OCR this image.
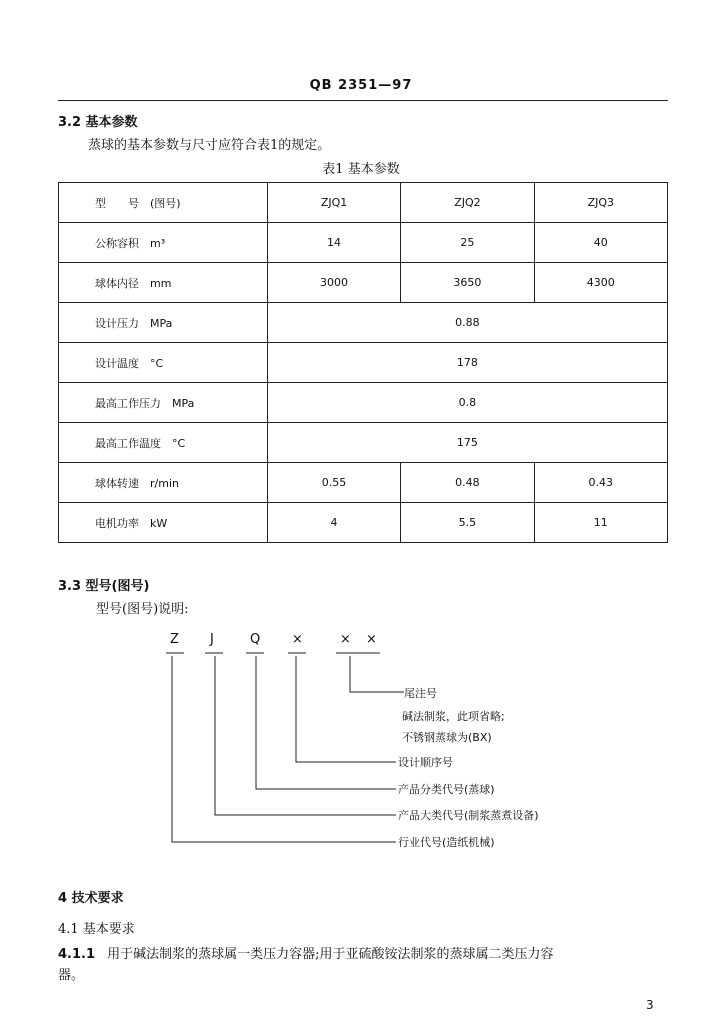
QB 2351—97
3.2 基本参数
蒸球的基本参数与尺寸应符合表1的规定。
表1 基本参数
型　　号　(图号)	ZJQ1	ZJQ2	ZJQ3
公称容积　m³	14	25	40
球体内径　mm	3000	3650	4300
设计压力　MPa	0.88		
设计温度　°C	178		
最高工作压力　MPa	0.8		
最高工作温度　°C	175		
球体转速　r/min	0.55	0.48	0.43
电机功率　kW	4	5.5	11
3.3 型号(图号)
型号(图号)说明:
Z J	Q ×	× ×
尾注号
碱法制浆，此项省略;
不锈钢蒸球为(BX)
设计顺序号
产品分类代号(蒸球)
产品大类代号(制浆蒸煮设备)
行业代号(造纸机械)
4 技术要求
4.1 基本要求
4.1.1 用于碱法制浆的蒸球属一类压力容器;用于亚硫酸铵法制浆的蒸球属二类压力容
器。
3
